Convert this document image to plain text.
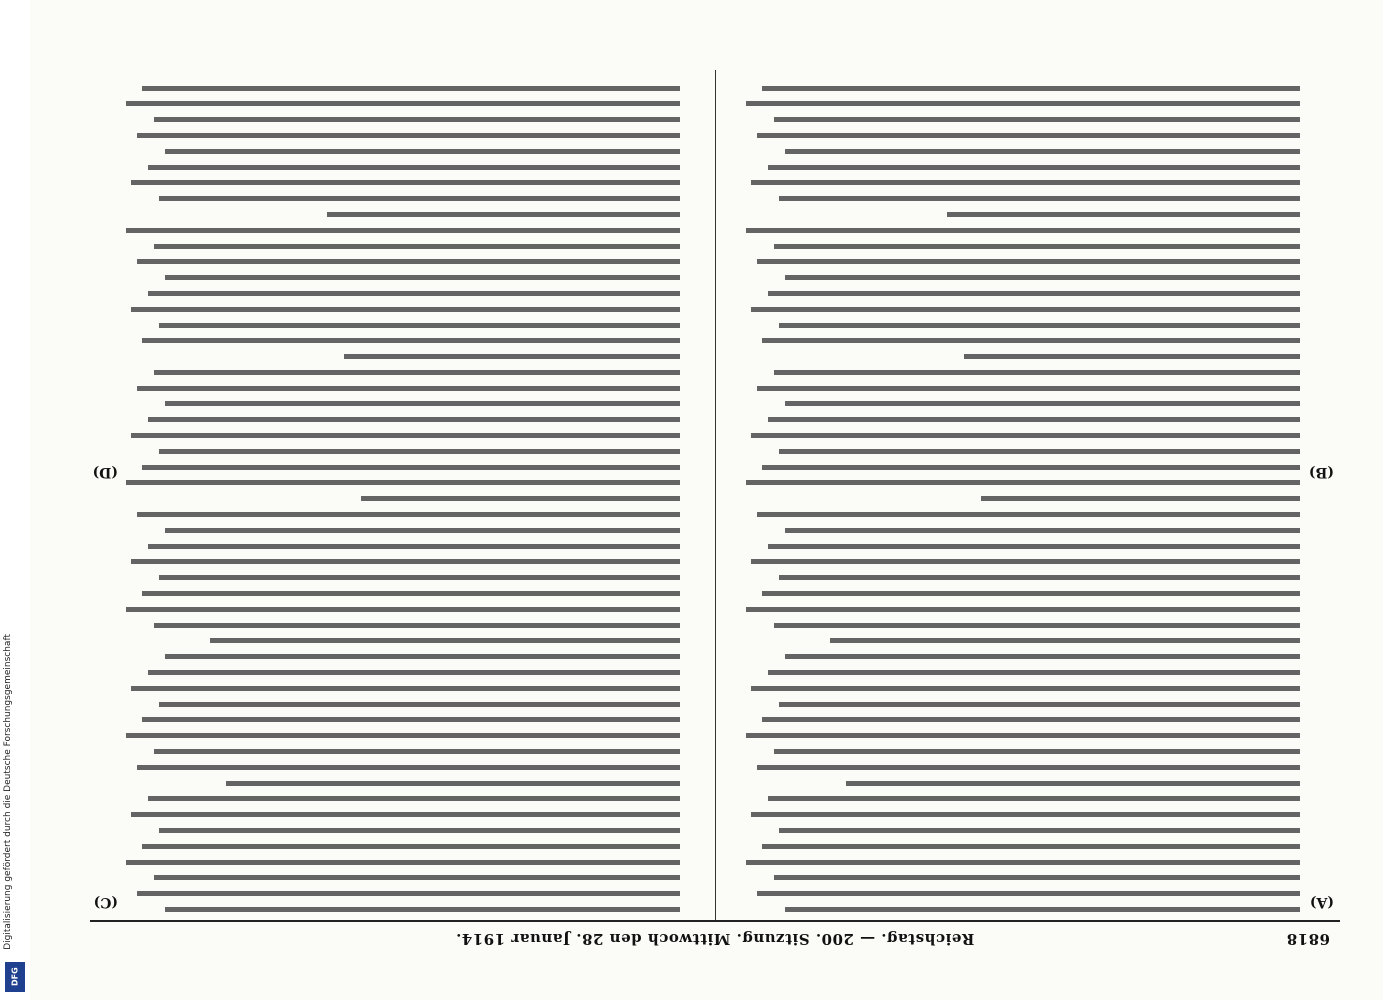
Digitalisierung gefördert durch die Deutsche Forschungsgemeinschaft
DFG
6818
Reichstag. — 200. Sitzung. Mittwoch den 28. Januar 1914.
(A)
(B)
(C)
(D)
